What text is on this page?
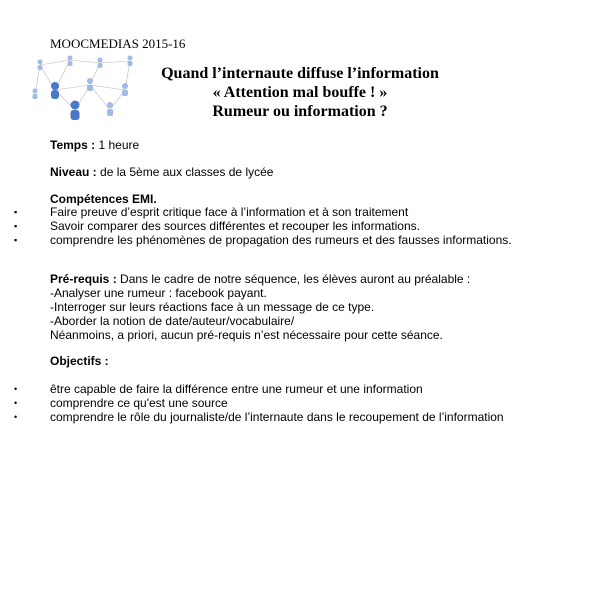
MOOCMEDIAS 2015-16
Quand l’internaute diffuse l’information
« Attention mal bouffe ! »
Rumeur ou information ?
Temps : 1 heure
Niveau : de la 5ème aux classes de lycée
Compétences EMI.
▪	Faire preuve d’esprit critique face à l’information et à son traitement
▪	Savoir comparer des sources différentes et recouper les informations.
▪	comprendre les phénomènes de propagation des rumeurs et des fausses informations.
Pré-requis : Dans le cadre de notre séquence, les élèves auront au préalable :
-Analyser une rumeur : facebook payant.
-Interroger sur leurs réactions face à un message de ce type.
-Aborder la notion de date/auteur/vocabulaire/
Néanmoins, a priori, aucun pré-requis n’est nécessaire pour cette séance.
Objectifs :
•	être capable de faire la différence entre une rumeur et une information
•	comprendre ce qu'est une source
•	comprendre le rôle du journaliste/de l’internaute dans le recoupement de l’information
